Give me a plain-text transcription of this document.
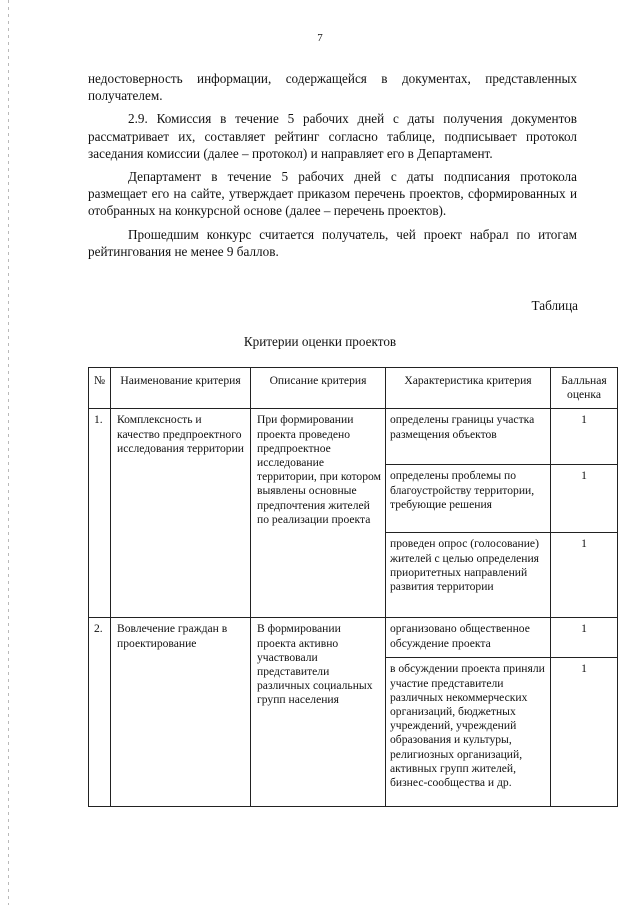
7

недостоверность информации, содержащейся в документах, представленных получателем.

2.9. Комиссия в течение 5 рабочих дней с даты получения документов рассматривает их, составляет рейтинг согласно таблице, подписывает протокол заседания комиссии (далее – протокол) и направляет его в Департамент.

Департамент в течение 5 рабочих дней с даты подписания протокола размещает его на сайте, утверждает приказом перечень проектов, сформированных и отобранных на конкурсной основе (далее – перечень проектов).

Прошедшим конкурс считается получатель, чей проект набрал по итогам рейтингования не менее 9 баллов.

Таблица
Критерии оценки проектов
№	Наименование критерия	Описание критерия	Характеристика критерия	Балльная оценка
1.	Комплексность и качество предпроектного исследования территории	При формировании проекта проведено предпроектное исследование территории, при котором выявлены основные предпочтения жителей по реализации проекта	определены границы участка размещения объектов	1
			определены проблемы по благоустройству территории, требующие решения	1
			проведен опрос (голосование) жителей с целью определения приоритетных направлений развития территории	1
2.	Вовлечение граждан в проектирование	В формировании проекта активно участвовали представители различных социальных групп населения	организовано общественное обсуждение проекта	1
			в обсуждении проекта приняли участие представители различных некоммерческих организаций, бюджетных учреждений, учреждений образования и культуры, религиозных организаций, активных групп жителей, бизнес-сообщества и др.	1
